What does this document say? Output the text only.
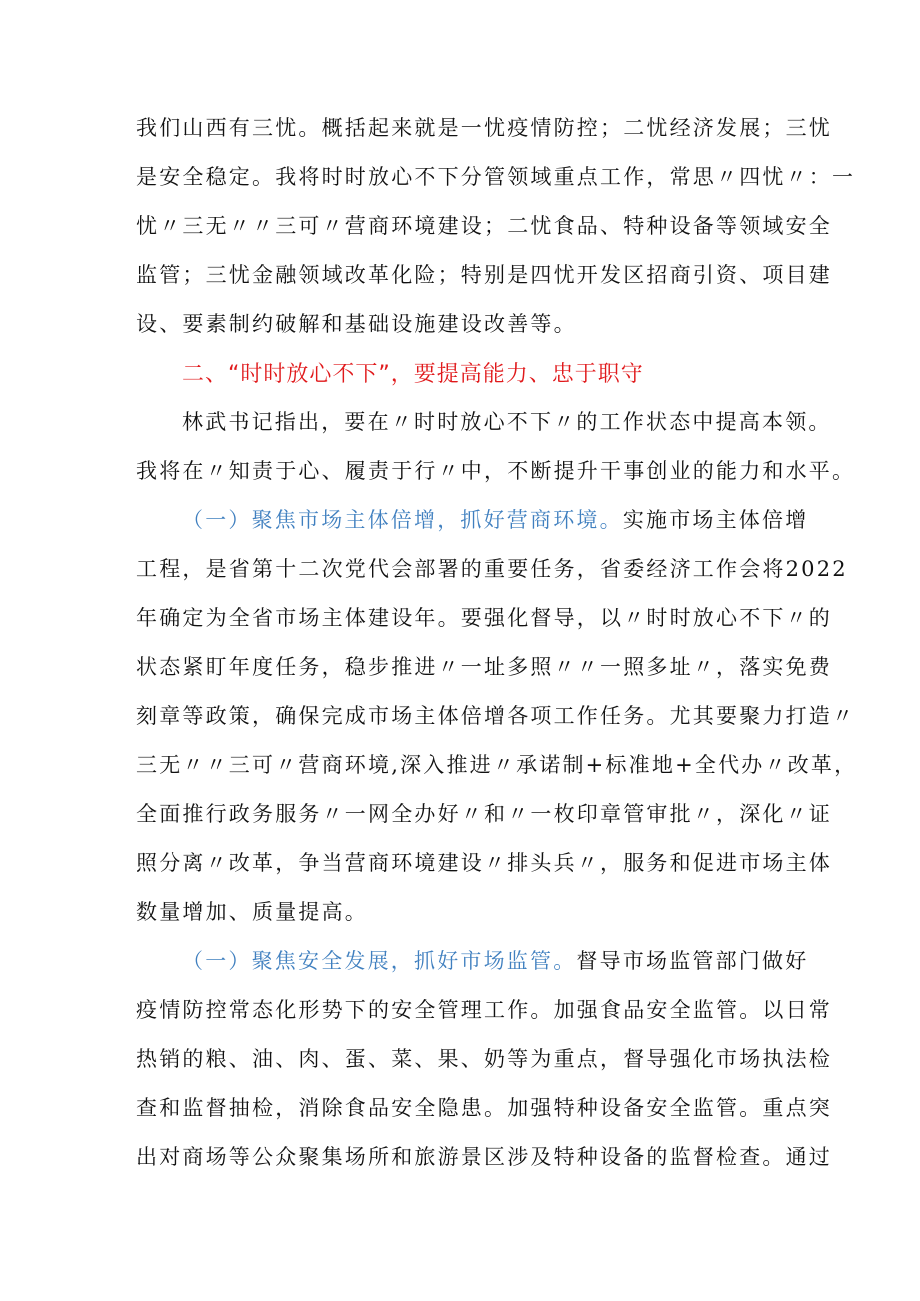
我们山西有三忧。概括起来就是一忧疫情防控；二忧经济发展；三忧
是安全稳定。我将时时放心不下分管领域重点工作，常思〃四忧〃：一
忧〃三无〃〃三可〃营商环境建设；二忧食品、特种设备等领域安全
监管；三忧金融领域改革化险；特别是四忧开发区招商引资、项目建
设、要素制约破解和基础设施建设改善等。
二、“时时放心不下”，要提高能力、忠于职守
林武书记指出，要在〃时时放心不下〃的工作状态中提高本领。
我将在〃知责于心、履责于行〃中，不断提升干事创业的能力和水平。
（一）聚焦市场主体倍增，抓好营商环境。实施市场主体倍增
工程，是省第十二次党代会部署的重要任务，省委经济工作会将2022
年确定为全省市场主体建设年。要强化督导，以〃时时放心不下〃的
状态紧盯年度任务，稳步推进〃一址多照〃〃一照多址〃，落实免费
刻章等政策，确保完成市场主体倍增各项工作任务。尤其要聚力打造〃
三无〃〃三可〃营商环境,深入推进〃承诺制+标准地+全代办〃改革，
全面推行政务服务〃一网全办好〃和〃一枚印章管审批〃，深化〃证
照分离〃改革，争当营商环境建设〃排头兵〃，服务和促进市场主体
数量增加、质量提高。
（一）聚焦安全发展，抓好市场监管。督导市场监管部门做好
疫情防控常态化形势下的安全管理工作。加强食品安全监管。以日常
热销的粮、油、肉、蛋、菜、果、奶等为重点，督导强化市场执法检
查和监督抽检，消除食品安全隐患。加强特种设备安全监管。重点突
出对商场等公众聚集场所和旅游景区涉及特种设备的监督检查。通过
